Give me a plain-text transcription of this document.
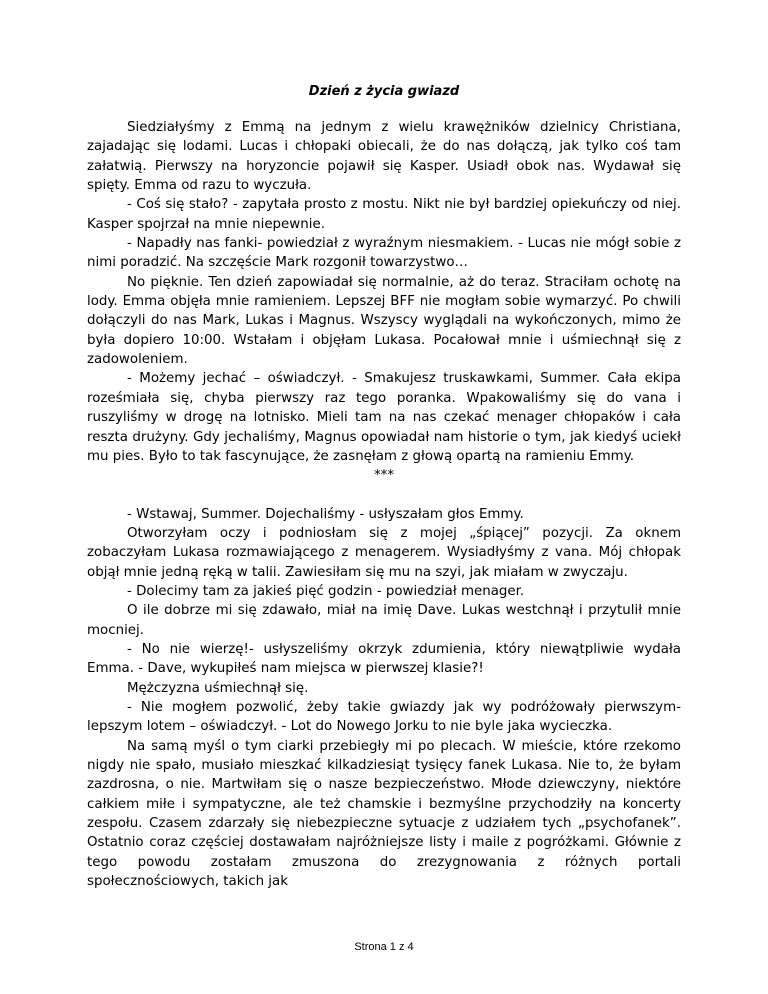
Dzień z życia gwiazd

Siedziałyśmy z Emmą na jednym z wielu krawężników dzielnicy Christiana, zajadając się lodami. Lucas i chłopaki obiecali, że do nas dołączą, jak tylko coś tam załatwią. Pierwszy na horyzoncie pojawił się Kasper. Usiadł obok nas. Wydawał się spięty. Emma od razu to wyczuła.

- Coś się stało? - zapytała prosto z mostu. Nikt nie był bardziej opiekuńczy od niej. Kasper spojrzał na mnie niepewnie.

- Napadły nas fanki- powiedział z wyraźnym niesmakiem. - Lucas nie mógł sobie z nimi poradzić. Na szczęście Mark rozgonił towarzystwo…

No pięknie. Ten dzień zapowiadał się normalnie, aż do teraz. Straciłam ochotę na lody. Emma objęła mnie ramieniem. Lepszej BFF nie mogłam sobie wymarzyć. Po chwili dołączyli do nas Mark, Lukas i Magnus. Wszyscy wyglądali na wykończonych, mimo że była dopiero 10:00. Wstałam i objęłam Lukasa. Pocałował mnie i uśmiechnął się z zadowoleniem.

- Możemy jechać – oświadczył. - Smakujesz truskawkami, Summer. Cała ekipa roześmiała się, chyba pierwszy raz tego poranka. Wpakowaliśmy się do vana i ruszyliśmy w drogę na lotnisko. Mieli tam na nas czekać menager chłopaków i cała reszta drużyny. Gdy jechaliśmy, Magnus opowiadał nam historie o tym, jak kiedyś uciekł mu pies. Było to tak fascynujące, że zasnęłam z głową opartą na ramieniu Emmy.

***

- Wstawaj, Summer. Dojechaliśmy - usłyszałam głos Emmy.

Otworzyłam oczy i podniosłam się z mojej „śpiącej” pozycji. Za oknem zobaczyłam Lukasa rozmawiającego z menagerem. Wysiadłyśmy z vana. Mój chłopak objął mnie jedną ręką w talii. Zawiesiłam się mu na szyi, jak miałam w zwyczaju.

- Dolecimy tam za jakieś pięć godzin - powiedział menager.

O ile dobrze mi się zdawało, miał na imię Dave. Lukas westchnął i przytulił mnie mocniej.

- No nie wierzę!- usłyszeliśmy okrzyk zdumienia, który niewątpliwie wydała Emma. - Dave, wykupiłeś nam miejsca w pierwszej klasie?!

Mężczyzna uśmiechnął się.

- Nie mogłem pozwolić, żeby takie gwiazdy jak wy podróżowały pierwszym-lepszym lotem – oświadczył. - Lot do Nowego Jorku to nie byle jaka wycieczka.

Na samą myśl o tym ciarki przebiegły mi po plecach. W mieście, które rzekomo nigdy nie spało, musiało mieszkać kilkadziesiąt tysięcy fanek Lukasa. Nie to, że byłam zazdrosna, o nie. Martwiłam się o nasze bezpieczeństwo. Młode dziewczyny, niektóre całkiem miłe i sympatyczne, ale też chamskie i bezmyślne przychodziły na koncerty zespołu. Czasem zdarzały się niebezpieczne sytuacje z udziałem tych „psychofanek”. Ostatnio coraz częściej dostawałam najróżniejsze listy i maile z pogróżkami. Głównie z tego powodu zostałam zmuszona do zrezygnowania z różnych portali społecznościowych, takich jak

Strona 1 z 4
